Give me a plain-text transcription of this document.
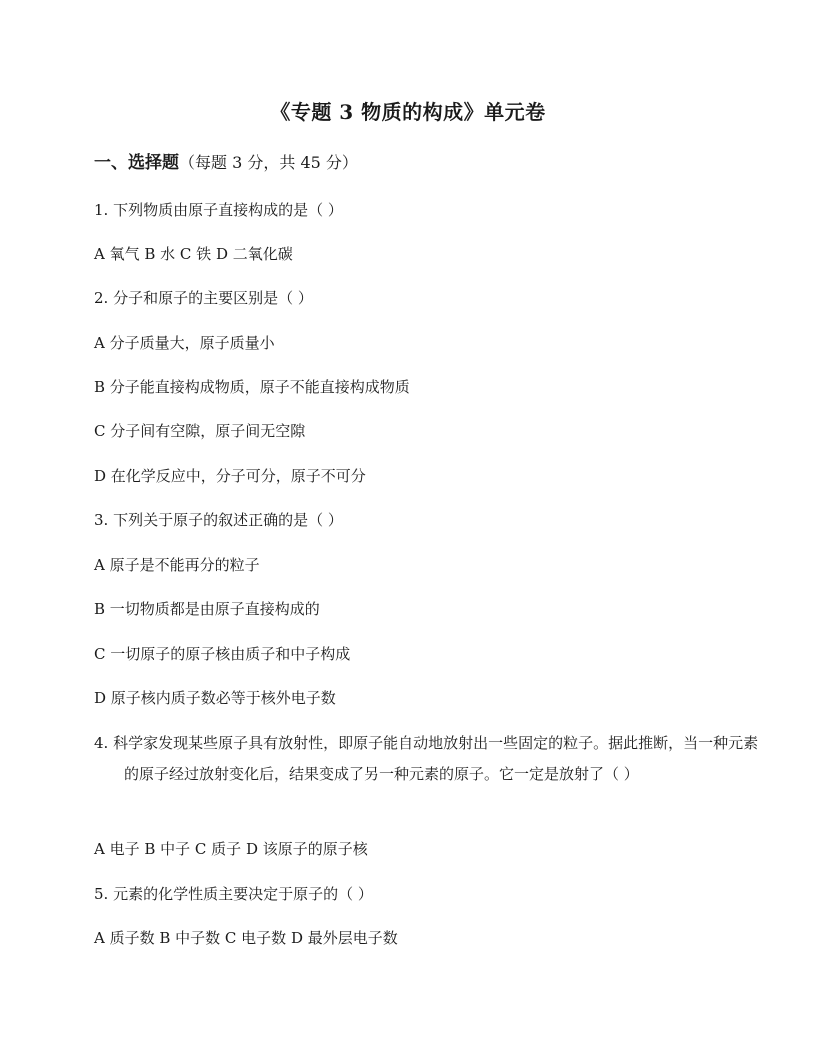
《专题 3 物质的构成》单元卷
一、选择题（每题 3 分，共 45 分）
1. 下列物质由原子直接构成的是（ ）
A 氧气 B 水 C 铁 D 二氧化碳
2. 分子和原子的主要区别是（ ）
A 分子质量大，原子质量小
B 分子能直接构成物质，原子不能直接构成物质
C 分子间有空隙，原子间无空隙
D 在化学反应中，分子可分，原子不可分
3. 下列关于原子的叙述正确的是（ ）
A 原子是不能再分的粒子
B 一切物质都是由原子直接构成的
C 一切原子的原子核由质子和中子构成
D 原子核内质子数必等于核外电子数
4. 科学家发现某些原子具有放射性，即原子能自动地放射出一些固定的粒子。据此推断，当一种元素的原子经过放射变化后，结果变成了另一种元素的原子。它一定是放射了（ ）
A 电子 B 中子 C 质子 D 该原子的原子核
5. 元素的化学性质主要决定于原子的（ ）
A 质子数 B 中子数 C 电子数 D 最外层电子数
